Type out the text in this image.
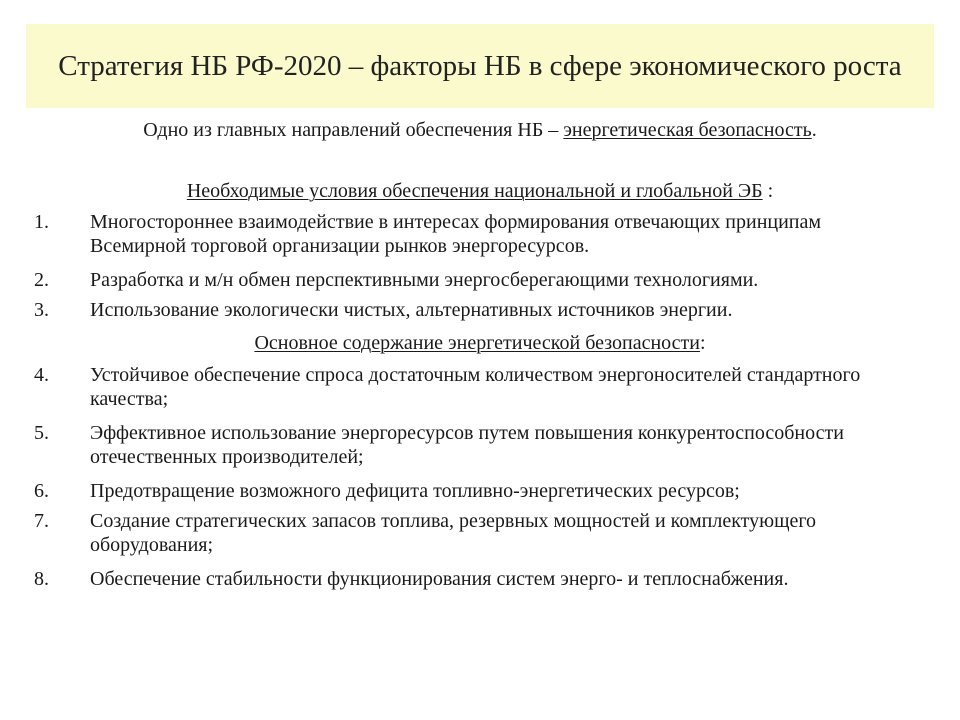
Стратегия НБ РФ-2020 – факторы НБ в сфере экономического роста
Одно из главных направлений обеспечения НБ – энергетическая безопасность.
Необходимые условия обеспечения национальной и глобальной ЭБ :
1. Многостороннее взаимодействие в интересах формирования отвечающих принципам Всемирной торговой организации рынков энергоресурсов.
2. Разработка и м/н обмен перспективными энергосберегающими технологиями.
3. Использование экологически чистых, альтернативных источников энергии.
Основное содержание энергетической безопасности:
4. Устойчивое обеспечение спроса достаточным количеством энергоносителей стандартного качества;
5. Эффективное использование энергоресурсов путем повышения конкурентоспособности отечественных производителей;
6. Предотвращение возможного дефицита топливно-энергетических ресурсов;
7. Создание стратегических запасов топлива, резервных мощностей и комплектующего оборудования;
8. Обеспечение стабильности функционирования систем энерго- и теплоснабжения.
